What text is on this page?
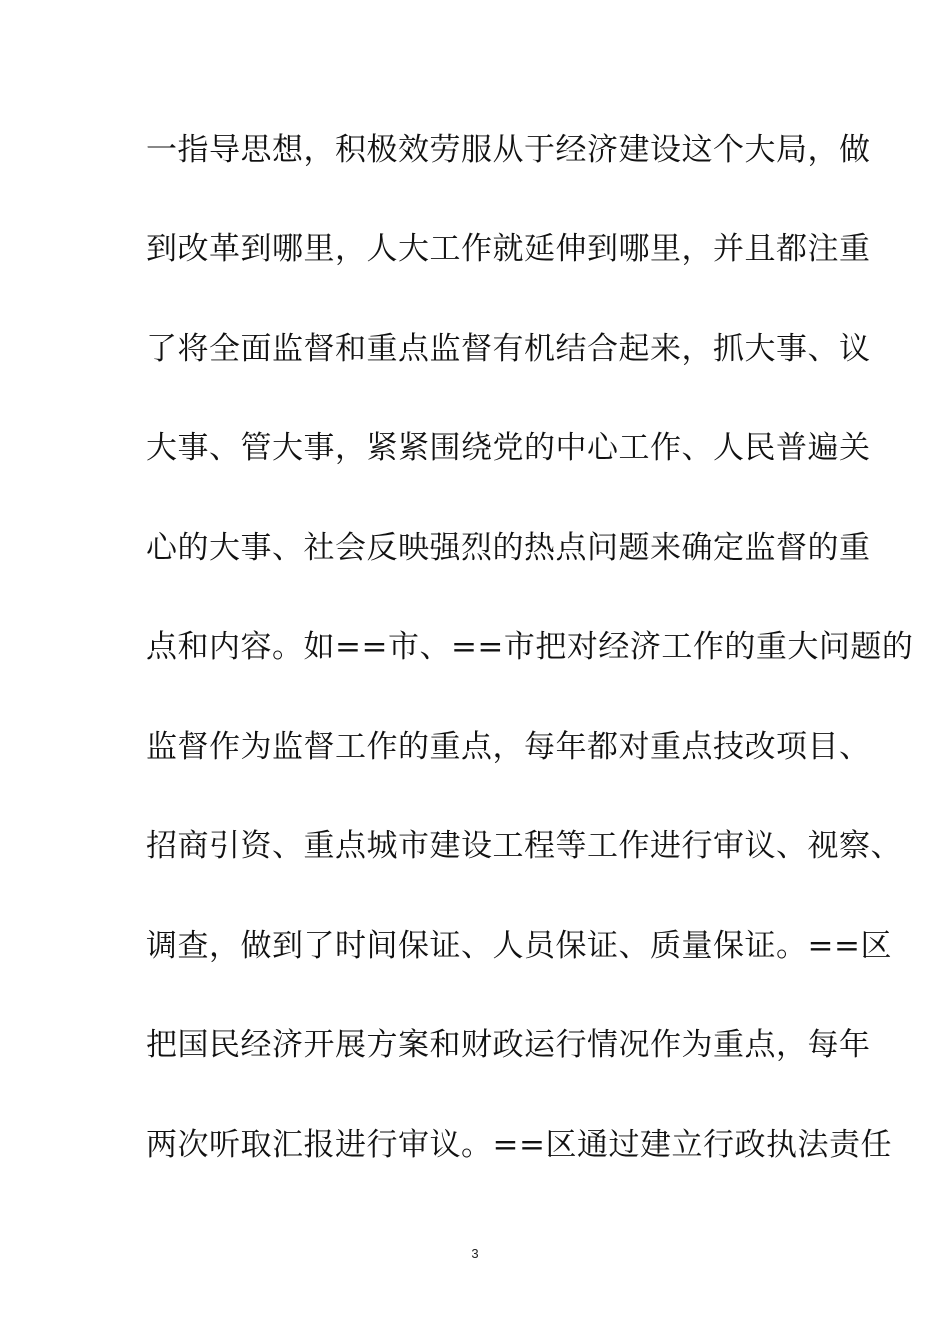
一指导思想，积极效劳服从于经济建设这个大局，做
到改革到哪里，人大工作就延伸到哪里，并且都注重
了将全面监督和重点监督有机结合起来，抓大事、议
大事、管大事，紧紧围绕党的中心工作、人民普遍关
心的大事、社会反映强烈的热点问题来确定监督的重
点和内容。如==市、==市把对经济工作的重大问题的
监督作为监督工作的重点，每年都对重点技改项目、
招商引资、重点城市建设工程等工作进行审议、视察、
调查，做到了时间保证、人员保证、质量保证。==区
把国民经济开展方案和财政运行情况作为重点，每年
两次听取汇报进行审议。==区通过建立行政执法责任
3
